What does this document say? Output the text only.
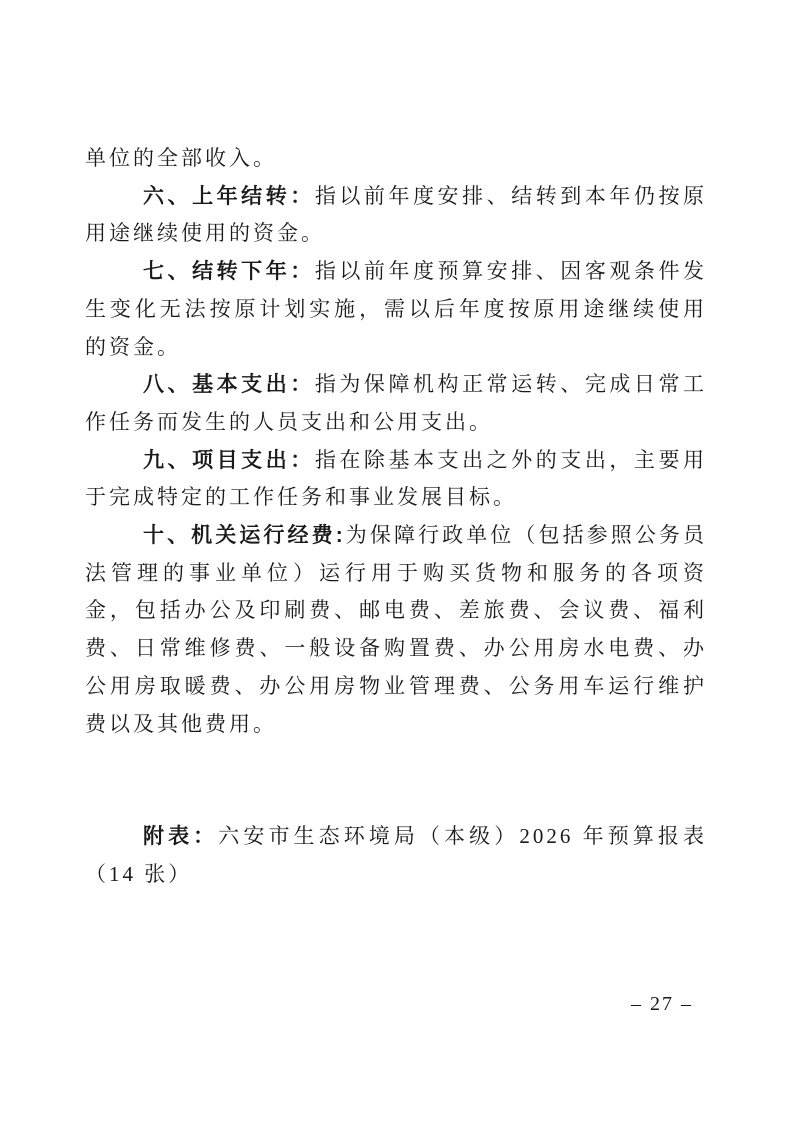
单位的全部收入。

六、上年结转：指以前年度安排、结转到本年仍按原用途继续使用的资金。

七、结转下年：指以前年度预算安排、因客观条件发生变化无法按原计划实施，需以后年度按原用途继续使用的资金。

八、基本支出：指为保障机构正常运转、完成日常工作任务而发生的人员支出和公用支出。

九、项目支出：指在除基本支出之外的支出，主要用于完成特定的工作任务和事业发展目标。

十、机关运行经费:为保障行政单位（包括参照公务员法管理的事业单位）运行用于购买货物和服务的各项资金，包括办公及印刷费、邮电费、差旅费、会议费、福利费、日常维修费、一般设备购置费、办公用房水电费、办公用房取暖费、办公用房物业管理费、公务用车运行维护费以及其他费用。

附表：六安市生态环境局（本级）2026 年预算报表（14 张）

– 27 –
